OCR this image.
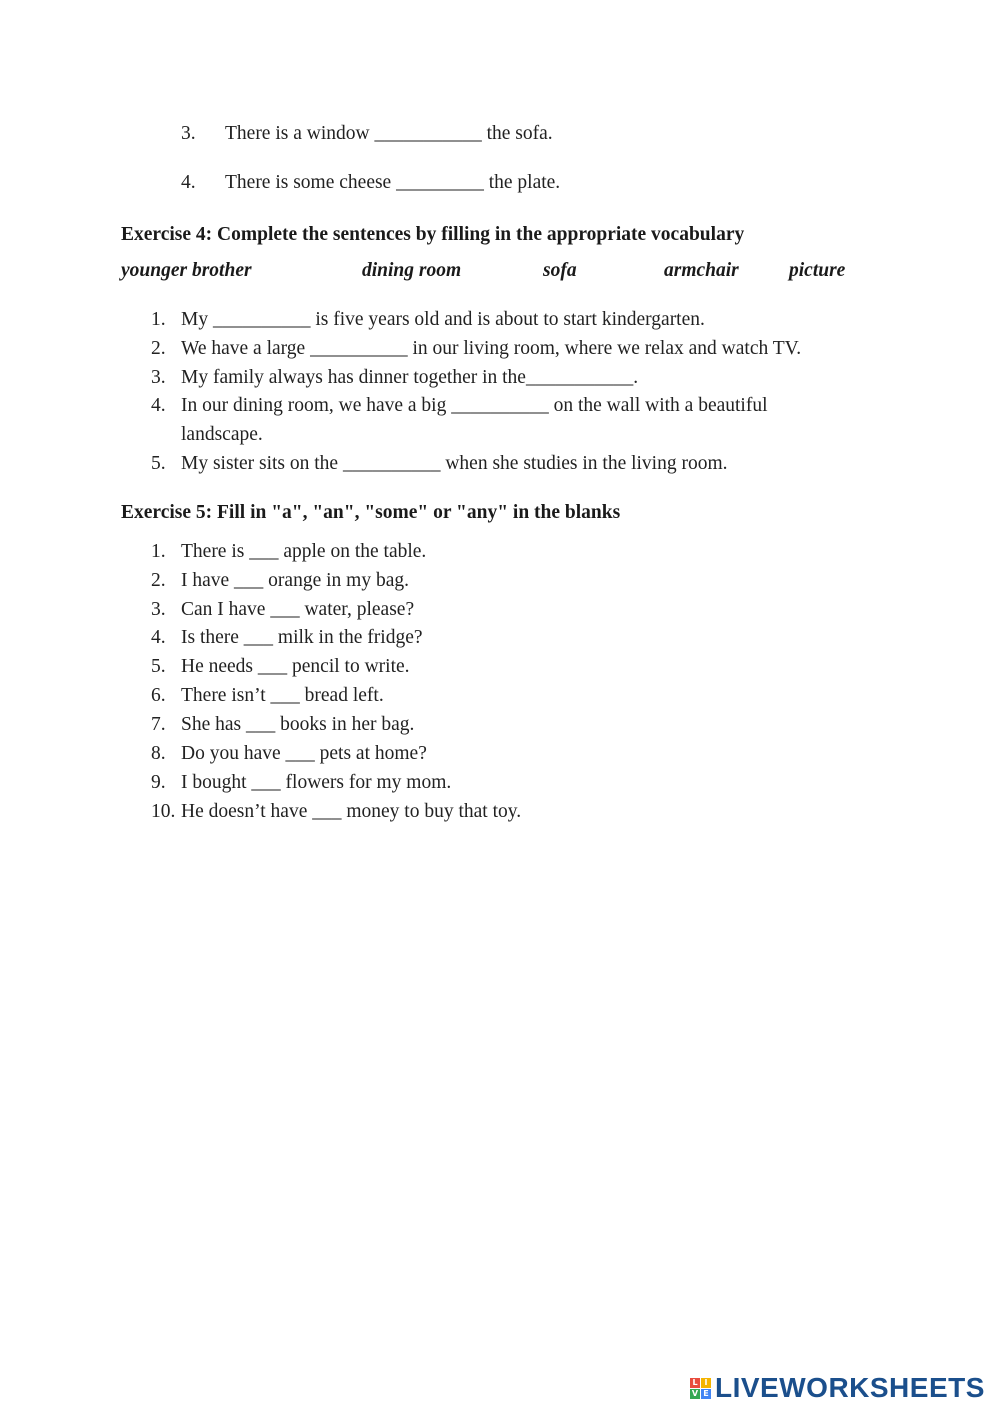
3. There is a window ___________ the sofa.
4. There is some cheese _________ the plate.
Exercise 4: Complete the sentences by filling in the appropriate vocabulary
younger brother	dining room	sofa	armchair	picture
1. My __________ is five years old and is about to start kindergarten.
2. We have a large __________ in our living room, where we relax and watch TV.
3. My family always has dinner together in the___________.
4. In our dining room, we have a big __________ on the wall with a beautiful
landscape.
5. My sister sits on the __________ when she studies in the living room.
Exercise 5: Fill in "a", "an", "some" or "any" in the blanks
1. There is ___ apple on the table.
2. I have ___ orange in my bag.
3. Can I have ___ water, please?
4. Is there ___ milk in the fridge?
5. He needs ___ pencil to write.
6. There isn’t ___ bread left.
7. She has ___ books in her bag.
8. Do you have ___ pets at home?
9. I bought ___ flowers for my mom.
10. He doesn’t have ___ money to buy that toy.
L I
V E LIVEWORKSHEETS
